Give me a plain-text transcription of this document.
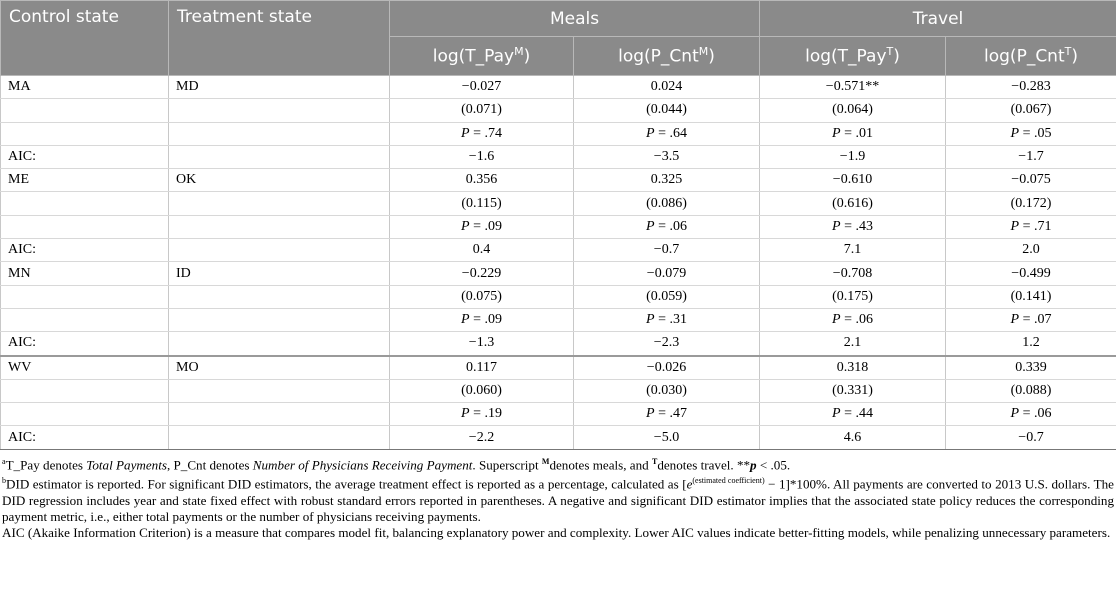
Control state	Treatment state	Meals		Travel	
		log(T_Pay$^M$)	log(P_Cnt$^M$)	log(T_Pay$^T$)	log(P_Cnt$^T$)
MA	MD	−0.027	0.024	−0.571**	−0.283
		(0.071)	(0.044)	(0.064)	(0.067)
		P = .74	P = .64	P = .01	P = .05
AIC:		−1.6	−3.5	−1.9	−1.7
ME	OK	0.356	0.325	−0.610	−0.075
		(0.115)	(0.086)	(0.616)	(0.172)
		P = .09	P = .06	P = .43	P = .71
AIC:		0.4	−0.7	7.1	2.0
MN	ID	−0.229	−0.079	−0.708	−0.499
		(0.075)	(0.059)	(0.175)	(0.141)
		P = .09	P = .31	P = .06	P = .07
AIC:		−1.3	−2.3	2.1	1.2
WV	MO	0.117	−0.026	0.318	0.339
		(0.060)	(0.030)	(0.331)	(0.088)
		P = .19	P = .47	P = .44	P = .06
AIC:		−2.2	−5.0	4.6	−0.7

$^a$T_Pay denotes Total Payments, P_Cnt denotes Number of Physicians Receiving Payment. Superscript $^M$denotes meals, and $^T$denotes travel. **p < .05.

$^b$DID estimator is reported. For significant DID estimators, the average treatment effect is reported as a percentage, calculated as $[e^{(estimated coefficient)} - 1]*100\%$. All payments are converted to 2013 U.S. dollars. The DID regression includes year and state fixed effect with robust standard errors reported in parentheses. A negative and significant DID estimator implies that the associated state policy reduces the corresponding payment metric, i.e., either total payments or the number of physicians receiving payments.

AIC (Akaike Information Criterion) is a measure that compares model fit, balancing explanatory power and complexity. Lower AIC values indicate better-fitting models, while penalizing unnecessary parameters.
